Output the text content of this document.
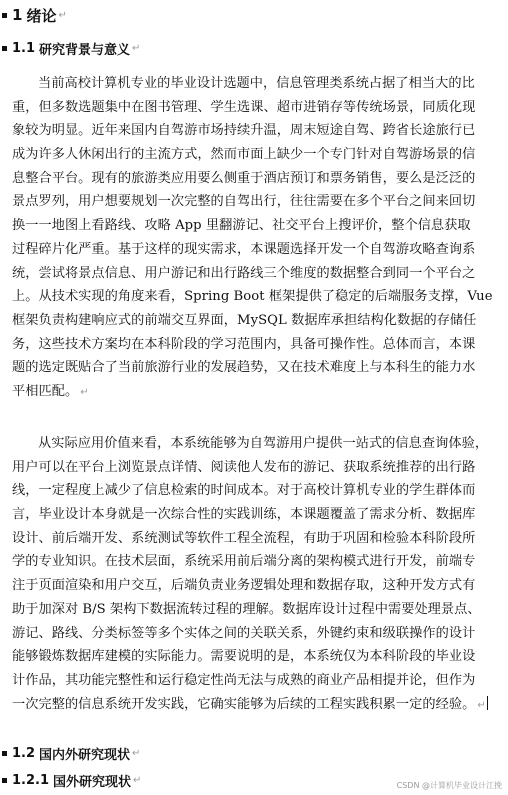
1 绪论 ↵
1.1 研究背景与意义 ↵
当前高校计算机专业的毕业设计选题中，信息管理类系统占据了相当大的比
重，但多数选题集中在图书管理、学生选课、超市进销存等传统场景，同质化现
象较为明显。近年来国内自驾游市场持续升温，周末短途自驾、跨省长途旅行已
成为许多人休闲出行的主流方式，然而市面上缺少一个专门针对自驾游场景的信
息整合平台。现有的旅游类应用要么侧重于酒店预订和票务销售，要么是泛泛的
景点罗列，用户想要规划一次完整的自驾出行，往往需要在多个平台之间来回切
换一一地图上看路线、攻略 App 里翻游记、社交平台上搜评价，整个信息获取
过程碎片化严重。基于这样的现实需求，本课题选择开发一个自驾游攻略查询系
统，尝试将景点信息、用户游记和出行路线三个维度的数据整合到同一个平台之
上。从技术实现的角度来看，Spring Boot 框架提供了稳定的后端服务支撑，Vue
框架负责构建响应式的前端交互界面，MySQL 数据库承担结构化数据的存储任
务，这些技术方案均在本科阶段的学习范围内，具备可操作性。总体而言，本课
题的选定既贴合了当前旅游行业的发展趋势，又在技术难度上与本科生的能力水
平相匹配。 ↵
从实际应用价值来看，本系统能够为自驾游用户提供一站式的信息查询体验，
用户可以在平台上浏览景点详情、阅读他人发布的游记、获取系统推荐的出行路
线，一定程度上减少了信息检索的时间成本。对于高校计算机专业的学生群体而
言，毕业设计本身就是一次综合性的实践训练，本课题覆盖了需求分析、数据库
设计、前后端开发、系统测试等软件工程全流程，有助于巩固和检验本科阶段所
学的专业知识。在技术层面，系统采用前后端分离的架构模式进行开发，前端专
注于页面渲染和用户交互，后端负责业务逻辑处理和数据存取，这种开发方式有
助于加深对 B/S 架构下数据流转过程的理解。数据库设计过程中需要处理景点、
游记、路线、分类标签等多个实体之间的关联关系，外键约束和级联操作的设计
能够锻炼数据库建模的实际能力。需要说明的是，本系统仅为本科阶段的毕业设
计作品，其功能完整性和运行稳定性尚无法与成熟的商业产品相提并论，但作为
一次完整的信息系统开发实践，它确实能够为后续的工程实践积累一定的经验。 ↵
1.2 国内外研究现状 ↵
1.2.1 国外研究现状 ↵	CSDN @计算机毕业设计江挽
